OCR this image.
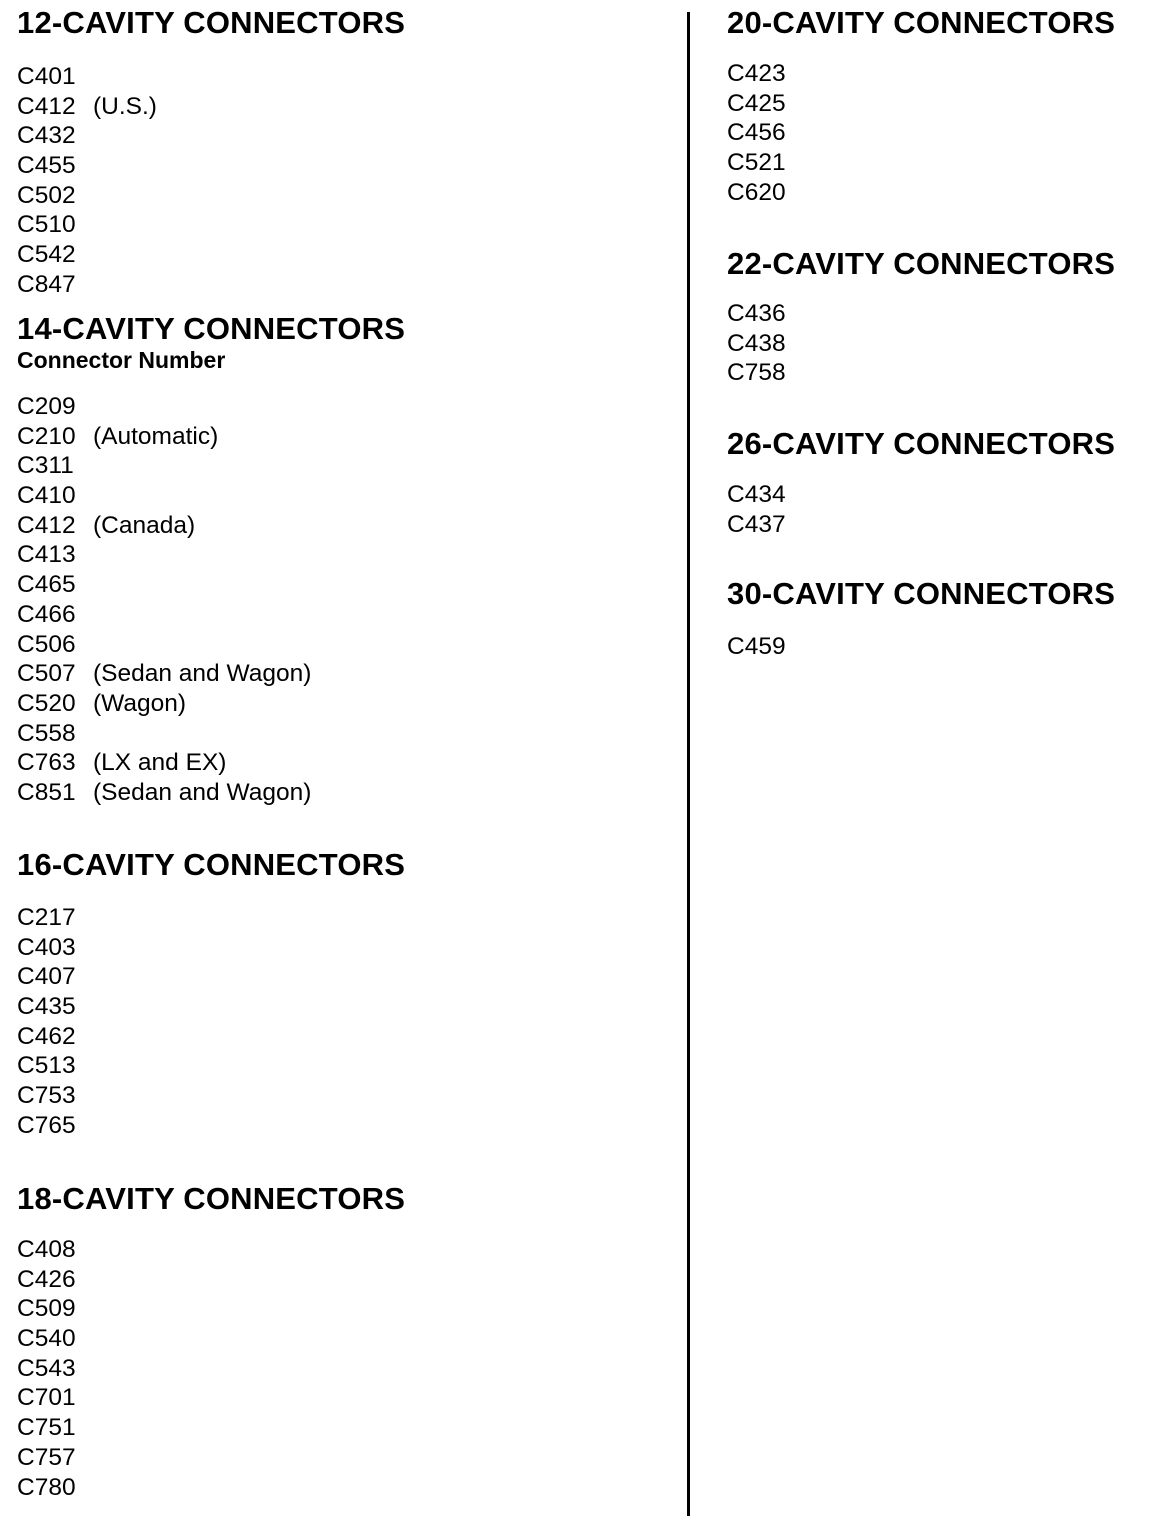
12-CAVITY CONNECTORS
C401
C412 (U.S.)
C432
C455
C502
C510
C542
C847
14-CAVITY CONNECTORS
Connector Number
C209
C210 (Automatic)
C311
C410
C412 (Canada)
C413
C465
C466
C506
C507 (Sedan and Wagon)
C520 (Wagon)
C558
C763 (LX and EX)
C851 (Sedan and Wagon)
16-CAVITY CONNECTORS
C217
C403
C407
C435
C462
C513
C753
C765
18-CAVITY CONNECTORS
C408
C426
C509
C540
C543
C701
C751
C757
C780
20-CAVITY CONNECTORS
C423
C425
C456
C521
C620
22-CAVITY CONNECTORS
C436
C438
C758
26-CAVITY CONNECTORS
C434
C437
30-CAVITY CONNECTORS
C459
